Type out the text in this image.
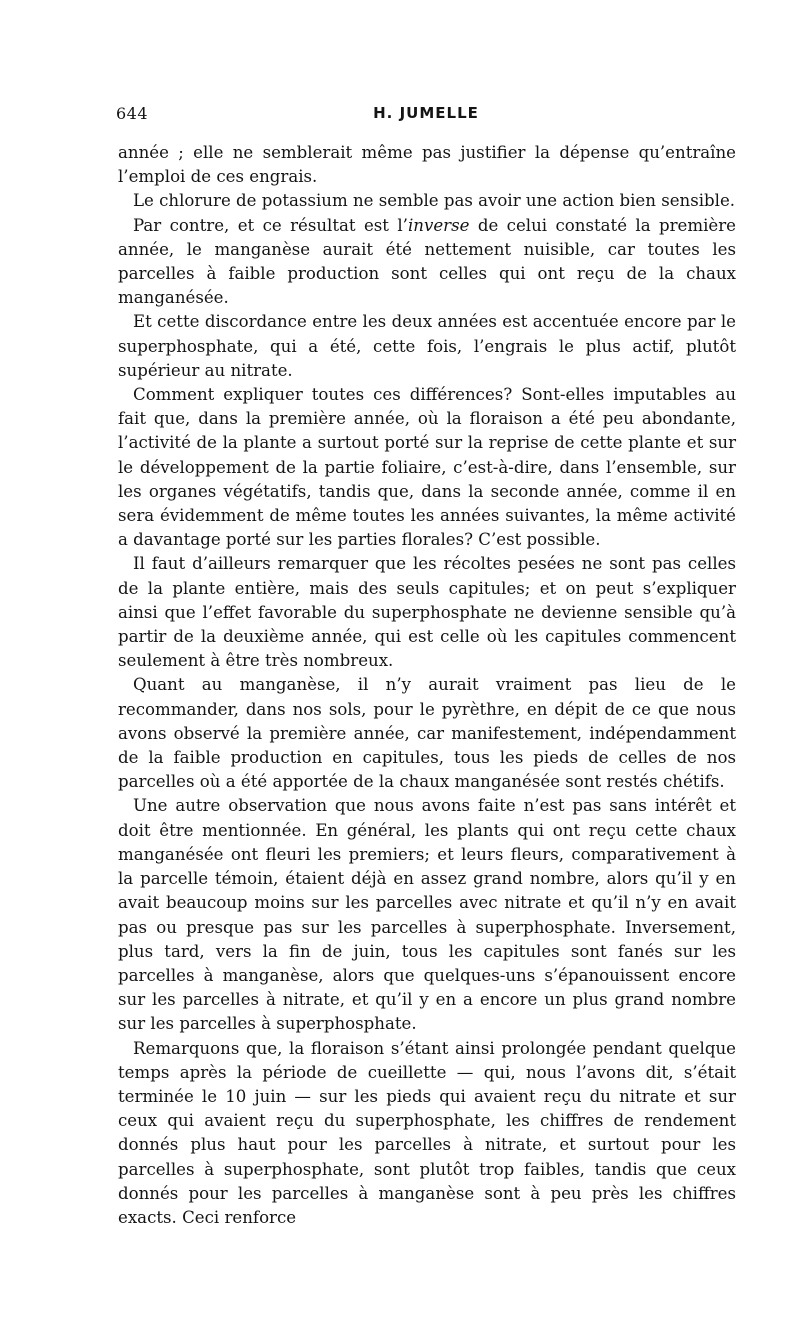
644	H. JUMELLE

année ; elle ne semblerait même pas justifier la dépense qu’entraîne l’emploi de ces engrais.

Le chlorure de potassium ne semble pas avoir une action bien sensible.

Par contre, et ce résultat est l’inverse de celui constaté la première année, le manganèse aurait été nettement nuisible, car toutes les parcelles à faible production sont celles qui ont reçu de la chaux manganésée.

Et cette discordance entre les deux années est accentuée encore par le superphosphate, qui a été, cette fois, l’engrais le plus actif, plutôt supérieur au nitrate.

Comment expliquer toutes ces différences? Sont-elles imputables au fait que, dans la première année, où la floraison a été peu abondante, l’activité de la plante a surtout porté sur la reprise de cette plante et sur le développement de la partie foliaire, c’est-à-dire, dans l’ensemble, sur les organes végétatifs, tandis que, dans la seconde année, comme il en sera évidemment de même toutes les années suivantes, la même activité a davantage porté sur les parties florales? C’est possible.

Il faut d’ailleurs remarquer que les récoltes pesées ne sont pas celles de la plante entière, mais des seuls capitules; et on peut s’expliquer ainsi que l’effet favorable du superphosphate ne devienne sensible qu’à partir de la deuxième année, qui est celle où les capitules commencent seulement à être très nombreux.

Quant au manganèse, il n’y aurait vraiment pas lieu de le recommander, dans nos sols, pour le pyrèthre, en dépit de ce que nous avons observé la première année, car manifestement, indépendamment de la faible production en capitules, tous les pieds de celles de nos parcelles où a été apportée de la chaux manganésée sont restés chétifs.

Une autre observation que nous avons faite n’est pas sans intérêt et doit être mentionnée. En général, les plants qui ont reçu cette chaux manganésée ont fleuri les premiers; et leurs fleurs, comparativement à la parcelle témoin, étaient déjà en assez grand nombre, alors qu’il y en avait beaucoup moins sur les parcelles avec nitrate et qu’il n’y en avait pas ou presque pas sur les parcelles à superphosphate. Inversement, plus tard, vers la fin de juin, tous les capitules sont fanés sur les parcelles à manganèse, alors que quelques-uns s’épanouissent encore sur les parcelles à nitrate, et qu’il y en a encore un plus grand nombre sur les parcelles à superphosphate.

Remarquons que, la floraison s’étant ainsi prolongée pendant quelque temps après la période de cueillette — qui, nous l’avons dit, s’était terminée le 10 juin — sur les pieds qui avaient reçu du nitrate et sur ceux qui avaient reçu du superphosphate, les chiffres de rendement donnés plus haut pour les parcelles à nitrate, et surtout pour les parcelles à superphosphate, sont plutôt trop faibles, tandis que ceux donnés pour les parcelles à manganèse sont à peu près les chiffres exacts. Ceci renforce
